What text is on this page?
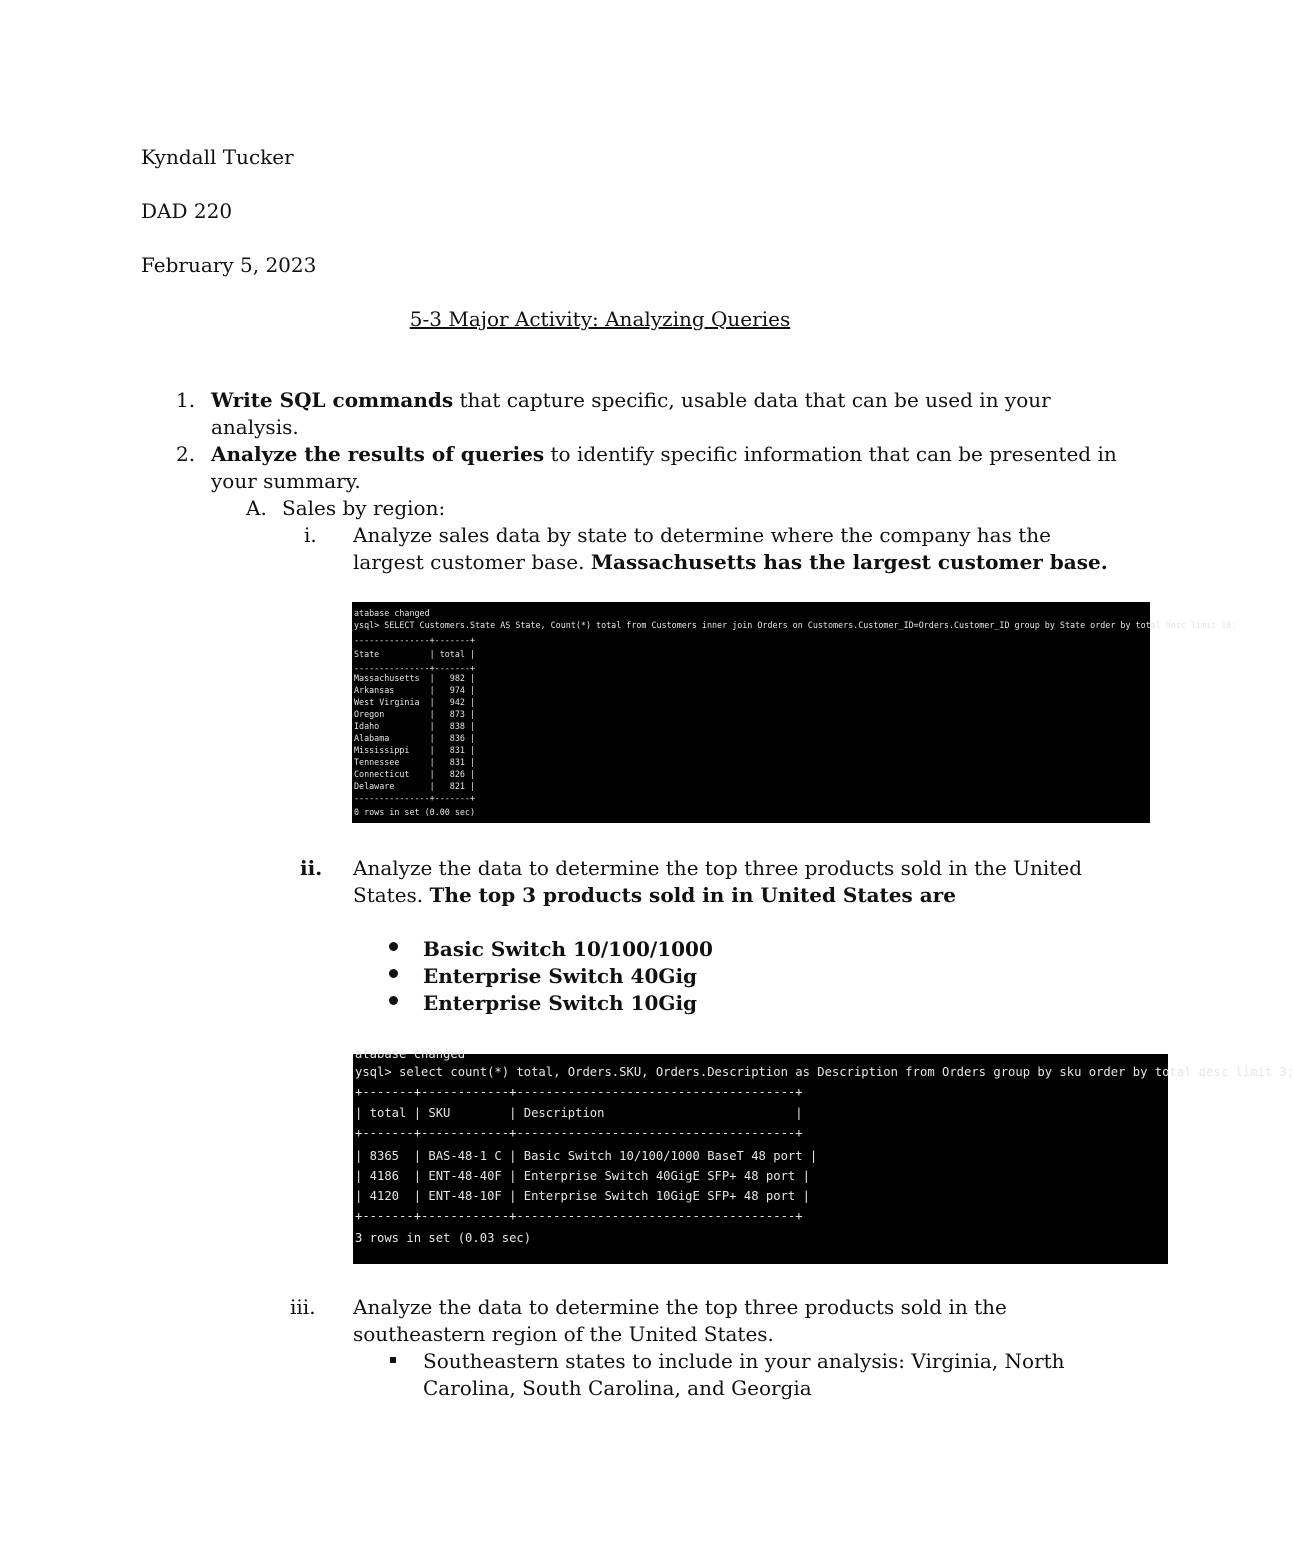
Kyndall Tucker
DAD 220
February 5, 2023
5-3 Major Activity: Analyzing Queries
1. Write SQL commands that capture specific, usable data that can be used in your
analysis.
2. Analyze the results of queries to identify specific information that can be presented in
your summary.
A. Sales by region:
i. Analyze sales data by state to determine where the company has the
largest customer base. Massachusetts has the largest customer base.
atabase changed
ysql> SELECT Customers.State AS State, Count(*) total from Customers inner join Orders on Customers.Customer_ID=Orders.Customer_ID group by State order by total desc limit 10;
---------------+-------+
State          | total |
---------------+-------+
Massachusetts  |   982 |
Arkansas       |   974 |
West Virginia  |   942 |
Oregon         |   873 |
Idaho          |   838 |
Alabama        |   836 |
Mississippi    |   831 |
Tennessee      |   831 |
Connecticut    |   826 |
Delaware       |   821 |
---------------+-------+
0 rows in set (0.00 sec)
ii. Analyze the data to determine the top three products sold in the United
States. The top 3 products sold in in United States are
Basic Switch 10/100/1000
Enterprise Switch 40Gig
Enterprise Switch 10Gig
atabase changed
ysql> select count(*) total, Orders.SKU, Orders.Description as Description from Orders group by sku order by total desc limit 3;
+-------+------------+--------------------------------------+
| total | SKU        | Description                          |
+-------+------------+--------------------------------------+
| 8365  | BAS-48-1 C | Basic Switch 10/100/1000 BaseT 48 port |
| 4186  | ENT-48-40F | Enterprise Switch 40GigE SFP+ 48 port |
| 4120  | ENT-48-10F | Enterprise Switch 10GigE SFP+ 48 port |
+-------+------------+--------------------------------------+
3 rows in set (0.03 sec)
iii. Analyze the data to determine the top three products sold in the
southeastern region of the United States.
Southeastern states to include in your analysis: Virginia, North
Carolina, South Carolina, and Georgia
